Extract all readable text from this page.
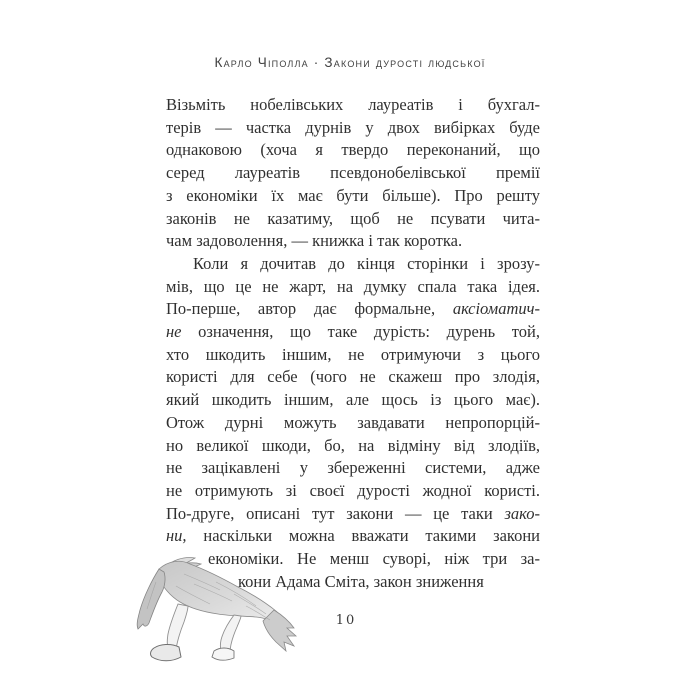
Карло Чіполла · Закони дурості людської
Візьміть нобелівських лауреатів і бухгал-
терів — частка дурнів у двох вибірках буде
однаковою (хоча я твердо переконаний, що
серед лауреатів псевдонобелівської премії
з економіки їх має бути більше). Про решту
законів не казатиму, щоб не псувати чита-
чам задоволення, — книжка і так коротка.
Коли я дочитав до кінця сторінки і зрозу-
мів, що це не жарт, на думку спала така ідея.
По-перше, автор дає формальне, аксіоматич-
не означення, що таке дурість: дурень той,
хто шкодить іншим, не отримуючи з цього
користі для себе (чого не скажеш про злодія,
який шкодить іншим, але щось із цього має).
Отож дурні можуть завдавати непропорцій-
но великої шкоди, бо, на відміну від злодіїв,
не зацікавлені у збереженні системи, адже
не отримують зі своєї дурості жодної користі.
По-друге, описані тут закони — це таки зако-
ни, наскільки можна вважати такими закони
економіки. Не менш суворі, ніж три за-
кони Адама Сміта, закон зниження
10
